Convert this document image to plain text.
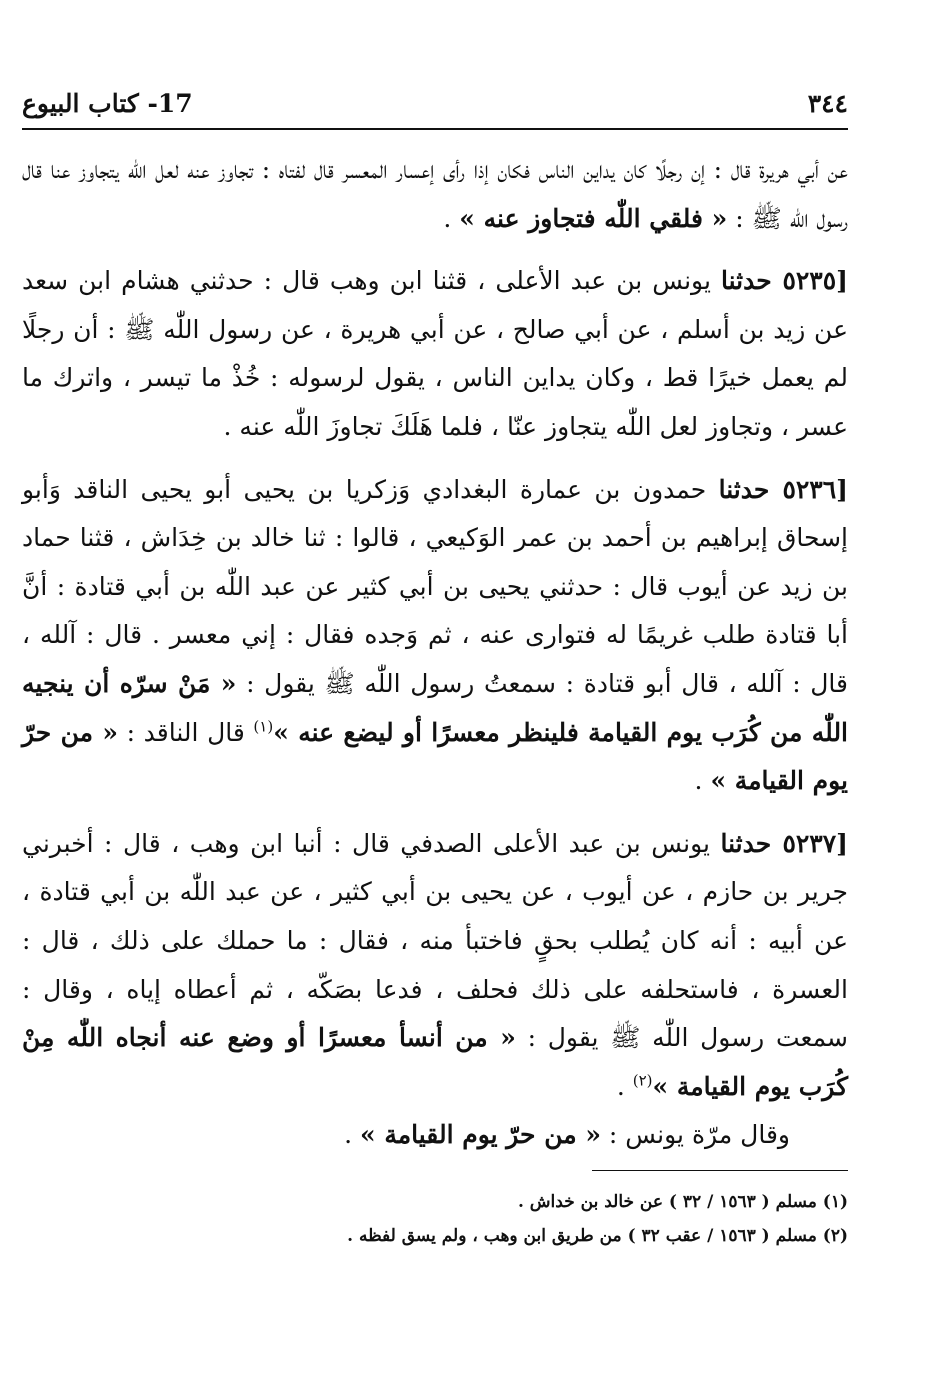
٣٤٤
17- كتاب البيوع

عن أبي هريرة قال : إن رجلًا كان يداين الناس فكان إذا رأى إعسار المعسر قال لفتاه : تجاوز عنه لعل اللّٰه يتجاوز عنا قال رسول اللّٰه ﷺ : « فلقي اللّٰه فتجاوز عنه » .

[٥٢٣٥ حدثنا يونس بن عبد الأعلى ، قثنا ابن وهب قال : حدثني هشام ابن سعد عن زيد بن أسلم ، عن أبي صالح ، عن أبي هريرة ، عن رسول اللّٰه ﷺ : أن رجلًا لم يعمل خيرًا قط ، وكان يداين الناس ، يقول لرسوله : خُذْ ما تيسر ، واترك ما عسر ، وتجاوز لعل اللّٰه يتجاوز عنّا ، فلما هَلَكَ تجاوزَ اللّٰه عنه .

[٥٢٣٦ حدثنا حمدون بن عمارة البغدادي وَزكريا بن يحيى أبو يحيى الناقد وَأبو إسحاق إبراهيم بن أحمد بن عمر الوَكيعي ، قالوا : ثنا خالد بن خِدَاش ، قثنا حماد بن زيد عن أيوب قال : حدثني يحيى بن أبي كثير عن عبد اللّٰه بن أبي قتادة : أنَّ أبا قتادة طلب غريمًا له فتوارى عنه ، ثم وَجده فقال : إني معسر . قال : آلله ، قال : آلله ، قال أبو قتادة : سمعتُ رسول اللّٰه ﷺ يقول : « مَنْ سرّه أن ينجيه اللّٰه من كُرَب يوم القيامة فلينظر معسرًا أو ليضع عنه »$^{(١)}$ قال الناقد : « من حرّ يوم القيامة » .

[٥٢٣٧ حدثنا يونس بن عبد الأعلى الصدفي قال : أنبا ابن وهب ، قال : أخبرني جرير بن حازم ، عن أيوب ، عن يحيى بن أبي كثير ، عن عبد اللّٰه بن أبي قتادة ، عن أبيه : أنه كان يُطلب بحقٍ فاختبأ منه ، فقال : ما حملك على ذلك ، قال : العسرة ، فاستحلفه على ذلك فحلف ، فدعا بصَكّه ، ثم أعطاه إياه ، وقال : سمعت رسول اللّٰه ﷺ يقول : « من أنسأ معسرًا أو وضع عنه أنجاه اللّٰه مِنْ كُرَب يوم القيامة »$^{(٢)}$ .

وقال مرّة يونس : « من حرّ يوم القيامة » .

(١) مسلم ( ١٥٦٣ / ٣٢ ) عن خالد بن خداش .

(٢) مسلم ( ١٥٦٣ / عقب ٣٢ ) من طريق ابن وهب ، ولم يسق لفظه .
